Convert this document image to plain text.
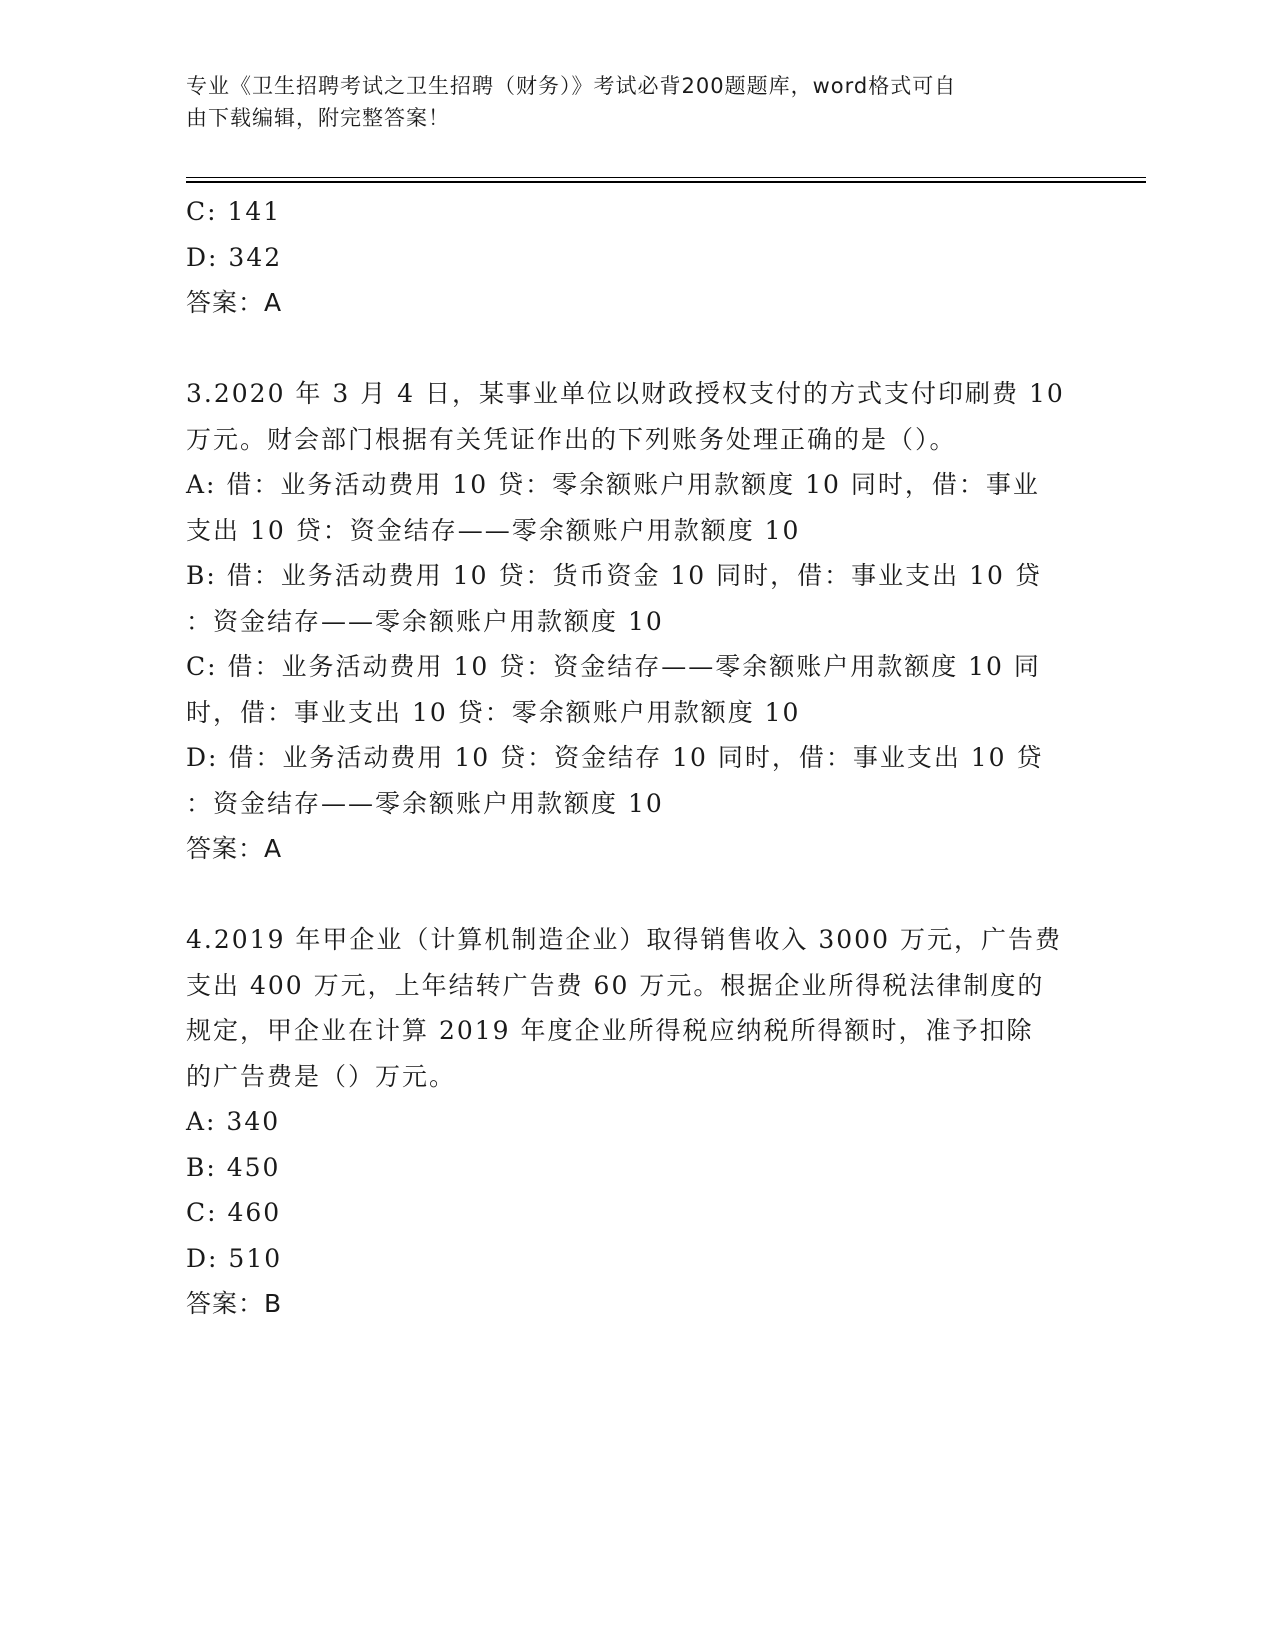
专业《卫生招聘考试之卫生招聘（财务）》考试必背200题题库，word格式可自
由下载编辑，附完整答案！
C: 141
D: 342
答案：A
3.2020 年 3 月 4 日，某事业单位以财政授权支付的方式支付印刷费 10
万元。财会部门根据有关凭证作出的下列账务处理正确的是（）。
A: 借：业务活动费用 10 贷：零余额账户用款额度 10 同时，借：事业
支出 10 贷：资金结存——零余额账户用款额度 10
B: 借：业务活动费用 10 贷：货币资金 10 同时，借：事业支出 10 贷
：资金结存——零余额账户用款额度 10
C: 借：业务活动费用 10 贷：资金结存——零余额账户用款额度 10 同
时，借：事业支出 10 贷：零余额账户用款额度 10
D: 借：业务活动费用 10 贷：资金结存 10 同时，借：事业支出 10 贷
：资金结存——零余额账户用款额度 10
答案：A
4.2019 年甲企业（计算机制造企业）取得销售收入 3000 万元，广告费
支出 400 万元，上年结转广告费 60 万元。根据企业所得税法律制度的
规定，甲企业在计算 2019 年度企业所得税应纳税所得额时，准予扣除
的广告费是（）万元。
A: 340
B: 450
C: 460
D: 510
答案：B
